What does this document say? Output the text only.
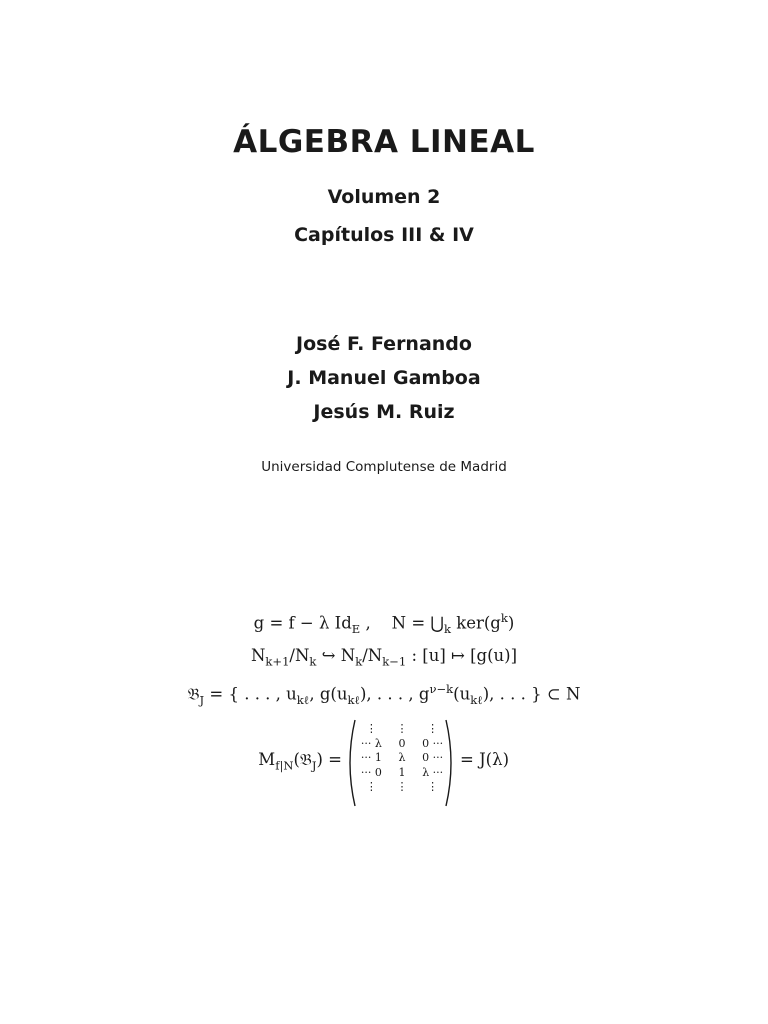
ÁLGEBRA LINEAL
Volumen 2
Capítulos III & IV
José F. Fernando
J. Manuel Gamboa
Jesús M. Ruiz
Universidad Complutense de Madrid
g = f − λ $Id_E$ ,    $N = ⋃_k$ $ker(g^k)$
$N_{k+1}/N_k$ ↪ $N_k/N_{k-1}$ : [u] ↦ [g(u)]
𝔅$_J$ = { . . . , $u_{k\ell}$, $g(u_{k\ell})$, . . . , $g^{\nu-k}(u_{k\ell})$, . . . } ⊂ N
$M_{f|N}(𝔅_J)$ =
⋮	⋮	⋮
··· λ	0	0 ···
··· 1	λ	0 ···
··· 0	1	λ ···
⋮	⋮	⋮
= J(λ)
